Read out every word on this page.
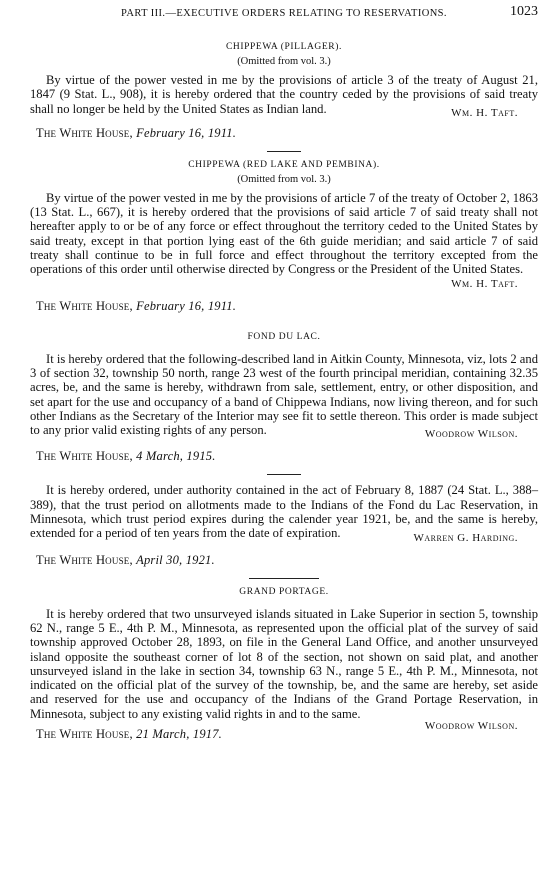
PART III.—EXECUTIVE ORDERS RELATING TO RESERVATIONS.	1023

CHIPPEWA (PILLAGER).

(Omitted from vol. 3.)

By virtue of the power vested in me by the provisions of article 3 of the treaty of August 21, 1847 (9 Stat. L., 908), it is hereby ordered that the country ceded by the provisions of said treaty shall no longer be held by the United States as Indian land.	Wm. H. Taft.

The White House, February 16, 1911.

CHIPPEWA (RED LAKE AND PEMBINA).

(Omitted from vol. 3.)

By virtue of the power vested in me by the provisions of article 7 of the treaty of October 2, 1863 (13 Stat. L., 667), it is hereby ordered that the provisions of said article 7 of said treaty shall not hereafter apply to or be of any force or effect throughout the territory ceded to the United States by said treaty, except in that portion lying east of the 6th guide meridian; and said article 7 of said treaty shall continue to be in full force and effect throughout the territory excepted from the operations of this order until otherwise directed by Congress or the President of the United States.

Wm. H. Taft.

The White House, February 16, 1911.

FOND DU LAC.

It is hereby ordered that the following-described land in Aitkin County, Minnesota, viz, lots 2 and 3 of section 32, township 50 north, range 23 west of the fourth principal meridian, containing 32.35 acres, be, and the same is hereby, withdrawn from sale, settlement, entry, or other disposition, and set apart for the use and occupancy of a band of Chippewa Indians, now living thereon, and for such other Indians as the Secretary of the Interior may see fit to settle thereon. This order is made subject to any prior valid existing rights of any person.	Woodrow Wilson.

The White House, 4 March, 1915.

It is hereby ordered, under authority contained in the act of February 8, 1887 (24 Stat. L., 388–389), that the trust period on allotments made to the Indians of the Fond du Lac Reservation, in Minnesota, which trust period expires during the calender year 1921, be, and the same is hereby, extended for a period of ten years from the date of expiration.	Warren G. Harding.

The White House, April 30, 1921.

GRAND PORTAGE.

It is hereby ordered that two unsurveyed islands situated in Lake Superior in section 5, township 62 N., range 5 E., 4th P. M., Minnesota, as represented upon the official plat of the survey of said township approved October 28, 1893, on file in the General Land Office, and another unsurveyed island opposite the southeast corner of lot 8 of the section, not shown on said plat, and another unsurveyed island in the lake in section 34, township 63 N., range 5 E., 4th P. M., Minnesota, not indicated on the official plat of the survey of the township, be, and the same are hereby, set aside and reserved for the use and occupancy of the Indians of the Grand Portage Reservation, in Minnesota, subject to any existing valid rights in and to the same.

Woodrow Wilson.

The White House, 21 March, 1917.
